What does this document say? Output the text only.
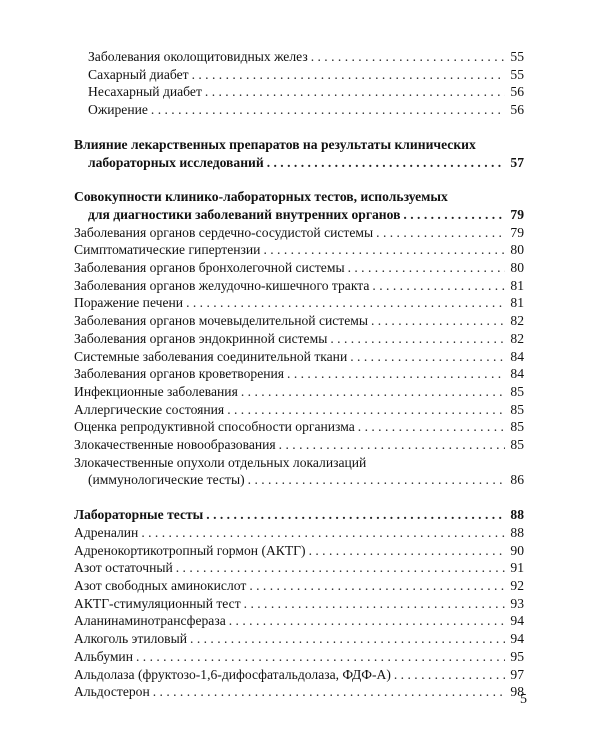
Заболевания околощитовидных желез . . .	55
Сахарный диабет . . .	55
Несахарный диабет . . .	56
Ожирение . . .	56
Влияние лекарственных препаратов на результаты клинических
лабораторных исследований . . .	57
Совокупности клинико-лабораторных тестов, используемых
для диагностики заболеваний внутренних органов . . .	79
Заболевания органов сердечно-сосудистой системы . . .	79
Симптоматические гипертензии . . .	80
Заболевания органов бронхолегочной системы . . .	80
Заболевания органов желудочно-кишечного тракта . . .	81
Поражение печени . . .	81
Заболевания органов мочевыделительной системы . . .	82
Заболевания органов эндокринной системы . . .	82
Системные заболевания соединительной ткани . . .	84
Заболевания органов кроветворения . . .	84
Инфекционные заболевания . . .	85
Аллергические состояния . . .	85
Оценка репродуктивной способности организма . . .	85
Злокачественные новообразования . . .	85
Злокачественные опухоли отдельных локализаций
(иммунологические тесты) . . .	86
Лабораторные тесты . . .	88
Адреналин . . .	88
Адренокортикотропный гормон (АКТГ) . . .	90
Азот остаточный . . .	91
Азот свободных аминокислот . . .	92
АКТГ-стимуляционный тест . . .	93
Аланинаминотрансфераза . . .	94
Алкоголь этиловый . . .	94
Альбумин . . .	95
Альдолаза (фруктозо-1,6-дифосфатальдолаза, ФДФ-А) . . .	97
Альдостерон . . .	98
5
